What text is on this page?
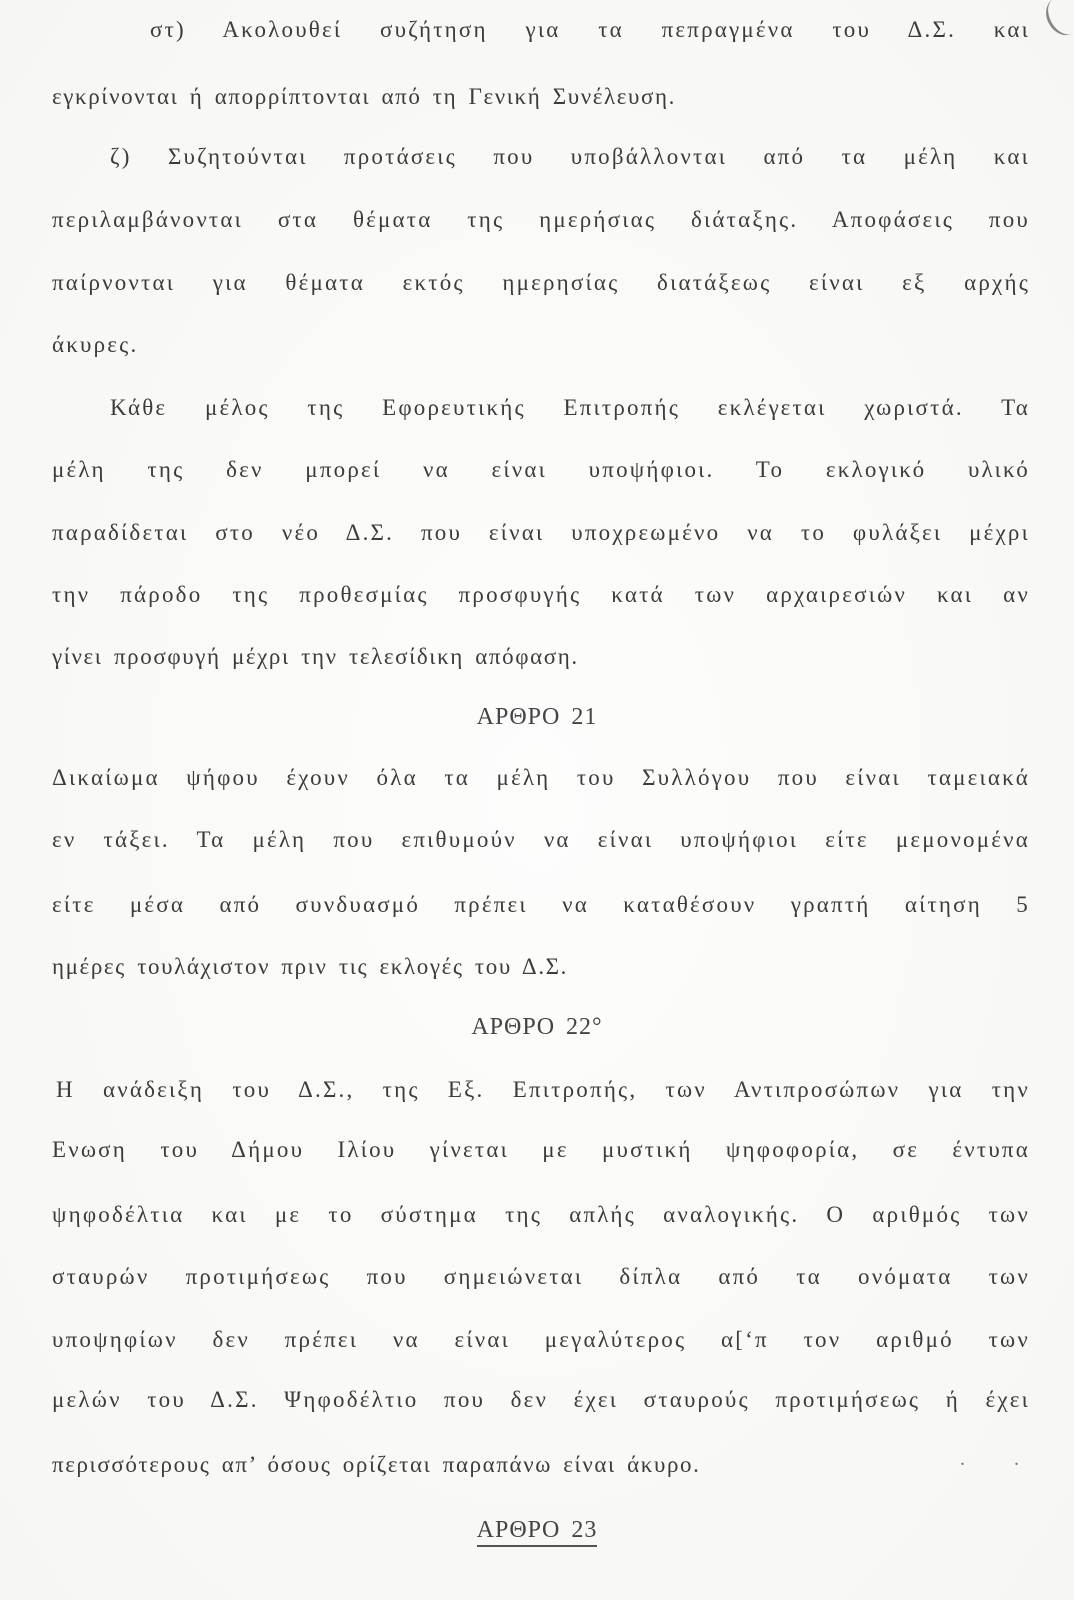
στ) Ακολουθεί συζήτηση για τα πεπραγμένα του Δ.Σ. και
εγκρίνονται ή απορρίπτονται από τη Γενική Συνέλευση.
ζ) Συζητούνται προτάσεις που υποβάλλονται από τα μέλη και
περιλαμβάνονται στα θέματα της ημερήσιας διάταξης. Αποφάσεις που
παίρνονται για θέματα εκτός ημερησίας διατάξεως είναι εξ αρχής
άκυρες.
Κάθε μέλος της Εφορευτικής Επιτροπής εκλέγεται χωριστά. Τα
μέλη της δεν μπορεί να είναι υποψήφιοι. Το εκλογικό υλικό
παραδίδεται στο νέο Δ.Σ. που είναι υποχρεωμένο να το φυλάξει μέχρι
την πάροδο της προθεσμίας προσφυγής κατά των αρχαιρεσιών και αν
γίνει προσφυγή μέχρι την τελεσίδικη απόφαση.
ΑΡΘΡΟ 21
Δικαίωμα ψήφου έχουν όλα τα μέλη του Συλλόγου που είναι ταμειακά
εν τάξει. Τα μέλη που επιθυμούν να είναι υποψήφιοι είτε μεμονομένα
είτε μέσα από συνδυασμό πρέπει να καταθέσουν γραπτή αίτηση 5
ημέρες τουλάχιστον πριν τις εκλογές του Δ.Σ.
ΑΡΘΡΟ 22°
Η ανάδειξη του Δ.Σ., της Εξ. Επιτροπής, των Αντιπροσώπων για την
Ενωση του Δήμου Ιλίου γίνεται με μυστική ψηφοφορία, σε έντυπα
ψηφοδέλτια και με το σύστημα της απλής αναλογικής. Ο αριθμός των
σταυρών προτιμήσεως που σημειώνεται δίπλα από τα ονόματα των
υποψηφίων δεν πρέπει να είναι μεγαλύτερος α[‘π τον αριθμό των
μελών του Δ.Σ. Ψηφοδέλτιο που δεν έχει σταυρούς προτιμήσεως ή έχει
περισσότερους απ’ όσους ορίζεται παραπάνω είναι άκυρο.	. .
ΑΡΘΡΟ 23
